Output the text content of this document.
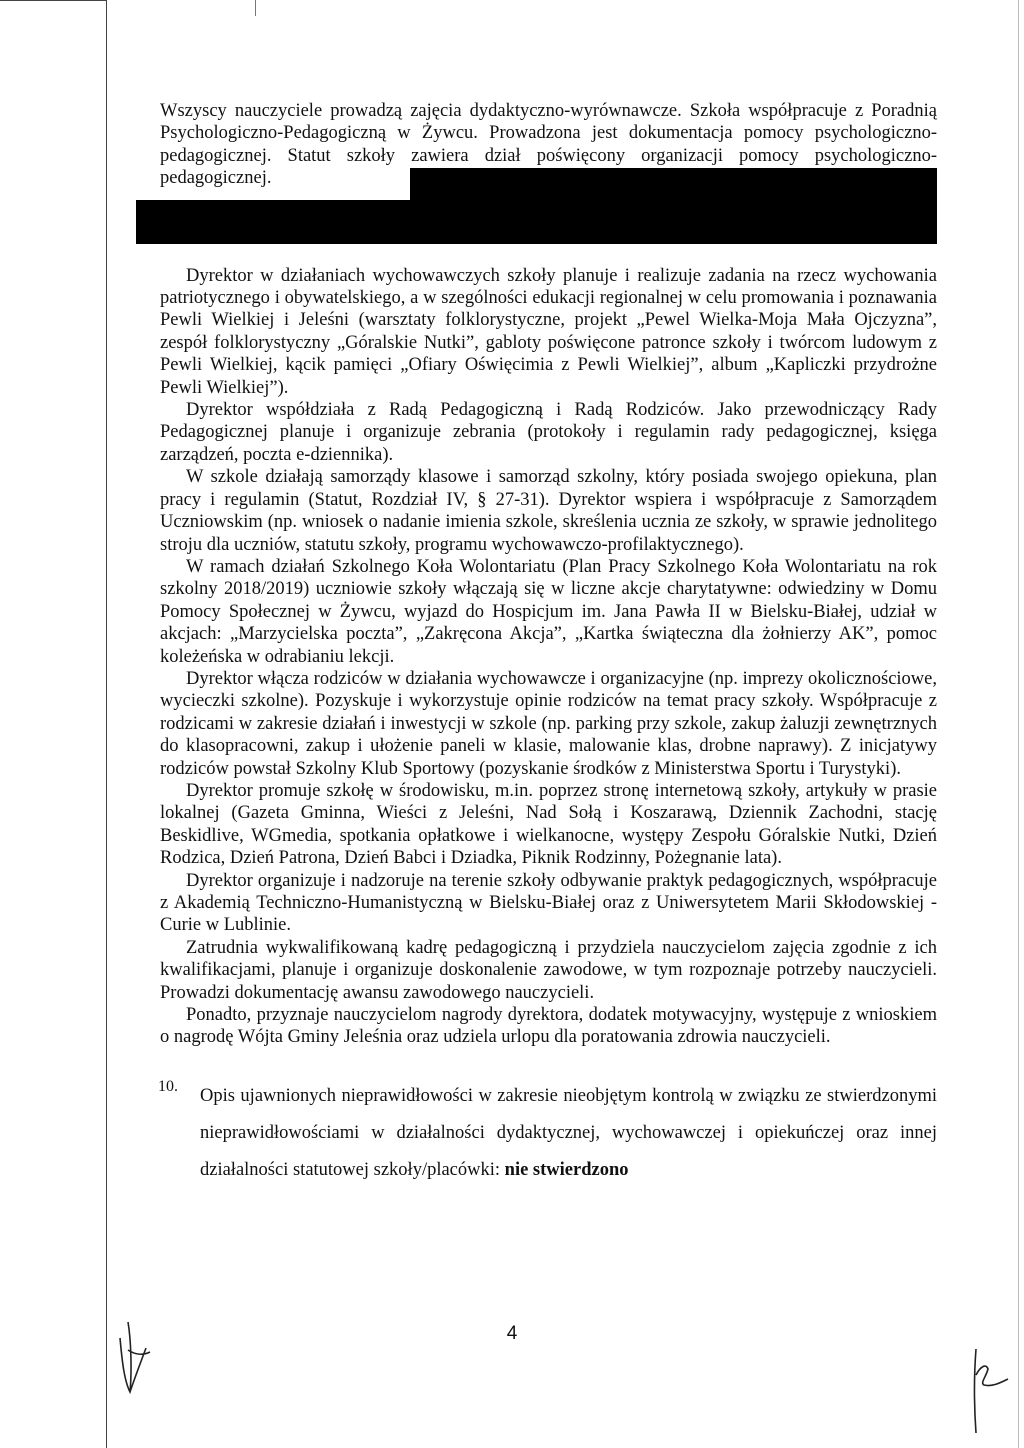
Wszyscy nauczyciele prowadzą zajęcia dydaktyczno-wyrównawcze. Szkoła współpracuje z Poradnią Psychologiczno-Pedagogiczną w Żywcu. Prowadzona jest dokumentacja pomocy psychologiczno-pedagogicznej. Statut szkoły zawiera dział poświęcony organizacji pomocy psychologiczno-pedagogicznej.

Dyrektor w działaniach wychowawczych szkoły planuje i realizuje zadania na rzecz wychowania patriotycznego i obywatelskiego, a w szególności edukacji regionalnej w celu promowania i poznawania Pewli Wielkiej i Jeleśni (warsztaty folklorystyczne, projekt „Pewel Wielka-Moja Mała Ojczyzna”, zespół folklorystyczny „Góralskie Nutki”, gabloty poświęcone patronce szkoły i twórcom ludowym z Pewli Wielkiej, kącik pamięci „Ofiary Oświęcimia z Pewli Wielkiej”, album „Kapliczki przydrożne Pewli Wielkiej”).

Dyrektor współdziała z Radą Pedagogiczną i Radą Rodziców. Jako przewodniczący Rady Pedagogicznej planuje i organizuje zebrania (protokoły i regulamin rady pedagogicznej, księga zarządzeń, poczta e-dziennika).

W szkole działają samorządy klasowe i samorząd szkolny, który posiada swojego opiekuna, plan pracy i regulamin (Statut, Rozdział IV, § 27-31). Dyrektor wspiera i współpracuje z Samorządem Uczniowskim (np. wniosek o nadanie imienia szkole, skreślenia ucznia ze szkoły, w sprawie jednolitego stroju dla uczniów, statutu szkoły, programu wychowawczo-profilaktycznego).

W ramach działań Szkolnego Koła Wolontariatu (Plan Pracy Szkolnego Koła Wolontariatu na rok szkolny 2018/2019) uczniowie szkoły włączają się w liczne akcje charytatywne: odwiedziny w Domu Pomocy Społecznej w Żywcu, wyjazd do Hospicjum im. Jana Pawła II w Bielsku-Białej, udział w akcjach: „Marzycielska poczta”, „Zakręcona Akcja”, „Kartka świąteczna dla żołnierzy AK”, pomoc koleżeńska w odrabianiu lekcji.

Dyrektor włącza rodziców w działania wychowawcze i organizacyjne (np. imprezy okolicznościowe, wycieczki szkolne). Pozyskuje i wykorzystuje opinie rodziców na temat pracy szkoły. Współpracuje z rodzicami w zakresie działań i inwestycji w szkole (np. parking przy szkole, zakup żaluzji zewnętrznych do klasopracowni, zakup i ułożenie paneli w klasie, malowanie klas, drobne naprawy). Z inicjatywy rodziców powstał Szkolny Klub Sportowy (pozyskanie środków z Ministerstwa Sportu i Turystyki).

Dyrektor promuje szkołę w środowisku, m.in. poprzez stronę internetową szkoły, artykuły w prasie lokalnej (Gazeta Gminna, Wieści z Jeleśni, Nad Sołą i Koszarawą, Dziennik Zachodni, stację Beskidlive, WGmedia, spotkania opłatkowe i wielkanocne, występy Zespołu Góralskie Nutki, Dzień Rodzica, Dzień Patrona, Dzień Babci i Dziadka, Piknik Rodzinny, Pożegnanie lata).

Dyrektor organizuje i nadzoruje na terenie szkoły odbywanie praktyk pedagogicznych, współpracuje z Akademią Techniczno-Humanistyczną w Bielsku-Białej oraz z Uniwersytetem Marii Skłodowskiej - Curie w Lublinie.

Zatrudnia wykwalifikowaną kadrę pedagogiczną i przydziela nauczycielom zajęcia zgodnie z ich kwalifikacjami, planuje i organizuje doskonalenie zawodowe, w tym rozpoznaje potrzeby nauczycieli. Prowadzi dokumentację awansu zawodowego nauczycieli.

Ponadto, przyznaje nauczycielom nagrody dyrektora, dodatek motywacyjny, występuje z wnioskiem o nagrodę Wójta Gminy Jeleśnia oraz udziela urlopu dla poratowania zdrowia nauczycieli.

10. Opis ujawnionych nieprawidłowości w zakresie nieobjętym kontrolą w związku ze stwierdzonymi nieprawidłowościami w działalności dydaktycznej, wychowawczej i opiekuńczej oraz innej działalności statutowej szkoły/placówki: nie stwierdzono

4
